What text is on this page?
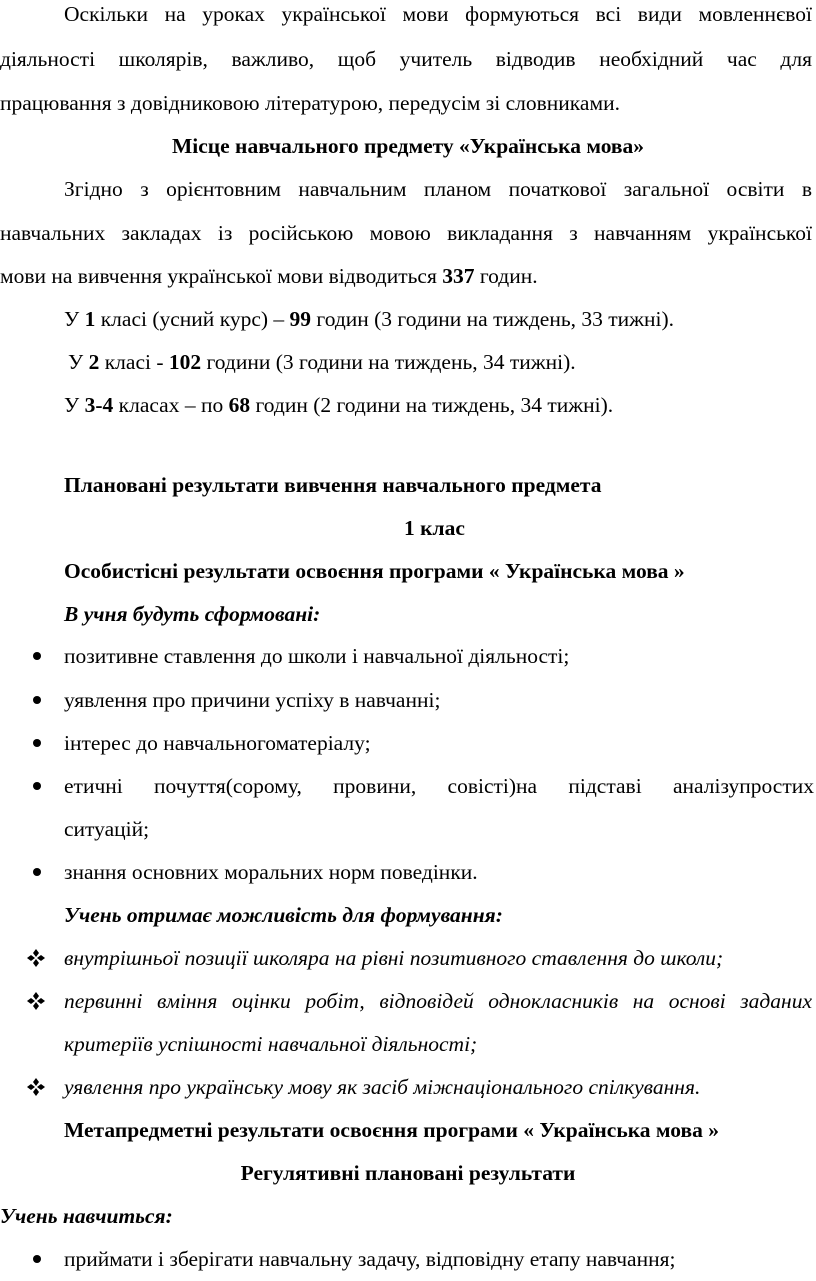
Оскільки на уроках української мови формуються всі види мовленнєвої
діяльності школярів, важливо, щоб учитель відводив необхідний час для
працювання з довідниковою літературою, передусім зі словниками.
Місце навчального предмету «Українська мова»
Згідно з орієнтовним навчальним планом початкової загальної освіти в
навчальних закладах із російською мовою викладання з навчанням української
мови на вивчення української мови відводиться 337 годин.
У 1 класі (усний курс) – 99 годин (3 години на тиждень, 33 тижні).
У 2 класі - 102 години (3 години на тиждень, 34 тижні).
У 3-4 класах – по 68 годин (2 години на тиждень, 34 тижні).
Плановані результати вивчення навчального предмета
1 клас
Особистісні результати освоєння програми « Українська мова »
В учня будуть сформовані:
позитивне ставлення до школи і навчальної діяльності;
уявлення про причини успіху в навчанні;
інтерес до навчальногоматеріалу;
етичні почуття(сорому, провини, совісті)на підставі аналізупростих
ситуацій;
знання основних моральних норм поведінки.
Учень отримає можливість для формування:
внутрішньої позиції школяра на рівні позитивного ставлення до школи;
первинні вміння оцінки робіт, відповідей однокласників на основі заданих
критеріїв успішності навчальної діяльності;
уявлення про українську мову як засіб міжнаціонального спілкування.
Метапредметні результати освоєння програми « Українська мова »
Регулятивні плановані результати
Учень навчиться:
приймати і зберігати навчальну задачу, відповідну етапу навчання;
